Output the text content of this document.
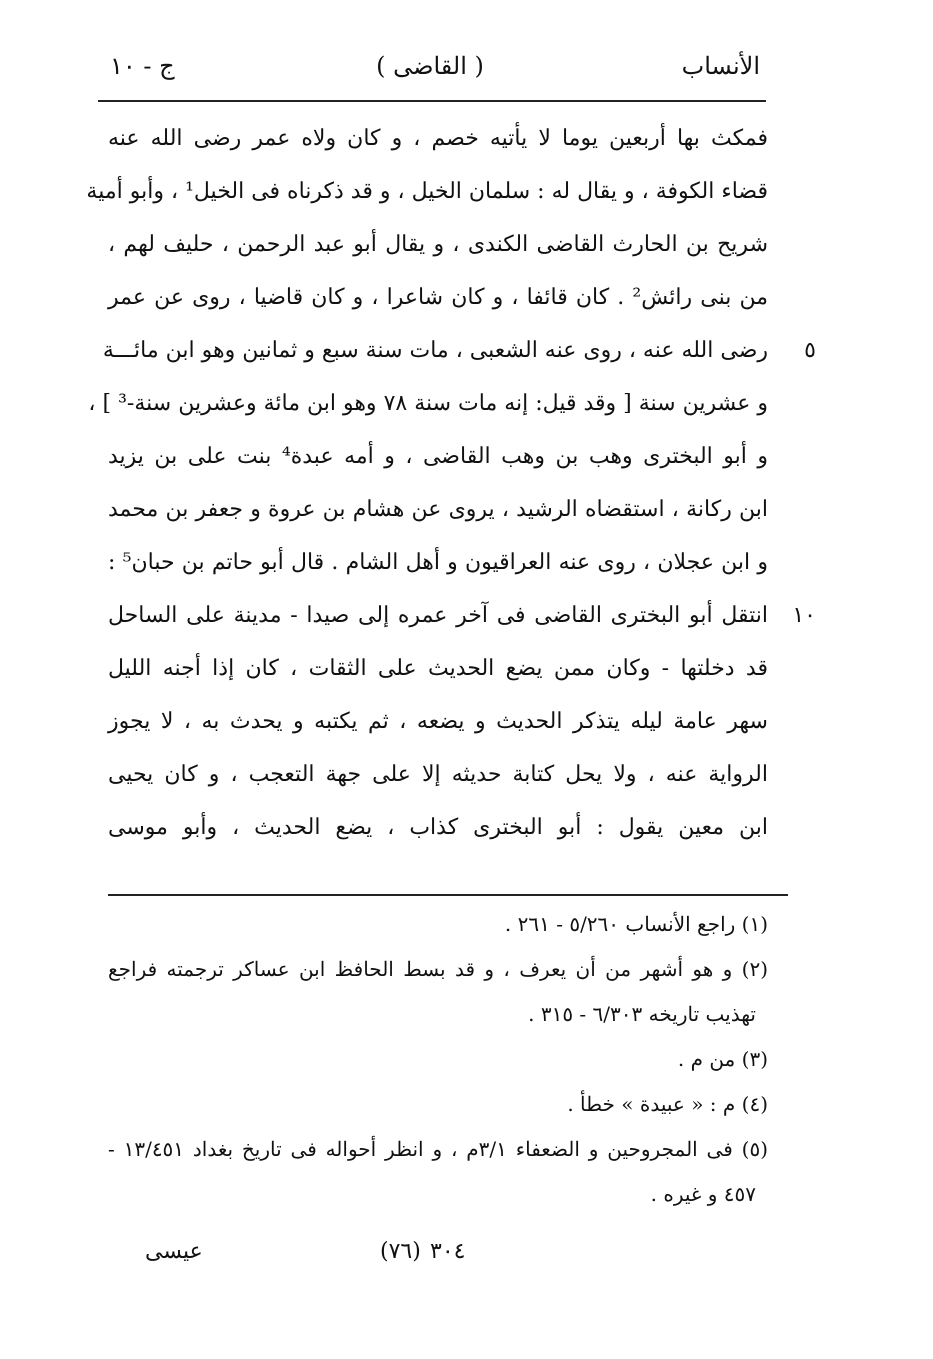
الأنساب
( القاضى )
ج - ١٠
فمكث بها أربعين يوما لا يأتيه خصم ، و كان ولاه عمر رضى الله عنه
قضاء الكوفة ، و يقال له : سلمان الخيل ، و قد ذكرناه فى الخيل¹ ، وأبو أمية
شريح بن الحارث القاضى الكندى ، و يقال أبو عبد الرحمن ، حليف لهم ،
من بنى رائش² . كان قائفا ، و كان شاعرا ، و كان قاضيا ، روى عن عمر
٥
رضى الله عنه ، روى عنه الشعبى ، مات سنة سبع و ثمانين وهو ابن مائـــة
و عشرين سنة [ وقد قيل: إنه مات سنة ٧٨ وهو ابن مائة وعشرين سنة-³ ] ،
و أبو البخترى وهب بن وهب القاضى ، و أمه عبدة⁴ بنت على بن يزيد
ابن ركانة ، استقضاه الرشيد ، يروى عن هشام بن عروة و جعفر بن محمد
و ابن عجلان ، روى عنه العراقيون و أهل الشام . قال أبو حاتم بن حبان⁵ :
١٠
انتقل أبو البخترى القاضى فى آخر عمره إلى صيدا - مدينة على الساحل
قد دخلتها - وكان ممن يضع الحديث على الثقات ، كان إذا أجنه الليل
سهر عامة ليله يتذكر الحديث و يضعه ، ثم يكتبه و يحدث به ، لا يجوز
الرواية عنه ، ولا يحل كتابة حديثه إلا على جهة التعجب ، و كان يحيى
ابن معين يقول : أبو البخترى كذاب ، يضع الحديث ، وأبو موسى
(١) راجع الأنساب ٥/٢٦٠ - ٢٦١ .
(٢) و هو أشهر من أن يعرف ، و قد بسط الحافظ ابن عساكر ترجمته فراجع
تهذيب تاريخه ٦/٣٠٣ - ٣١٥ .
(٣) من م .
(٤) م : « عبيدة » خطأ .
(٥) فى المجروحين و الضعفاء ٣/١م ، و انظر أحواله فى تاريخ بغداد ١٣/٤٥١ -
٤٥٧ و غيره .
٣٠٤
(٧٦)
عيسى
